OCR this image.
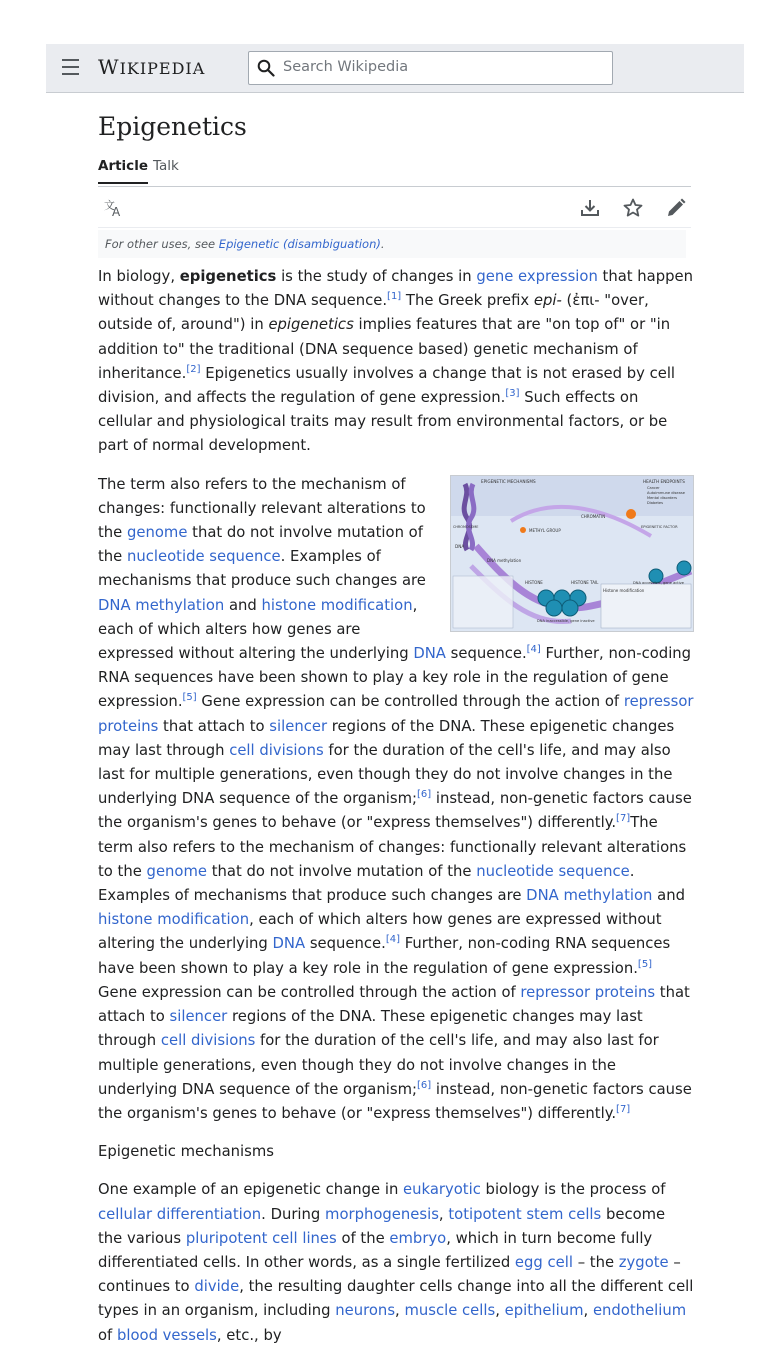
WIKIPEDIA
Search Wikipedia
Epigenetics
Article Talk
文
A
For other uses, see Epigenetic (disambiguation).

In biology, epigenetics is the study of changes in gene expression that happen without changes to the DNA sequence.[1] The Greek prefix epi- (ἐπι- "over, outside of, around") in epigenetics implies features that are "on top of" or "in addition to" the traditional (DNA sequence based) genetic mechanism of inheritance.[2] Epigenetics usually involves a change that is not erased by cell division, and affects the regulation of gene expression.[3] Such effects on cellular and physiological traits may result from environmental factors, or be part of normal development.

EPIGENETIC MECHANISMS	HEALTH ENDPOINTS
CHROMATIN
METHYL GROUP
DNA methylation
HISTONE TAIL
HISTONE
Histone modification
DNA accessible, gene active
DNA inaccessible, gene inactive
EPIGENETIC FACTOR
DNA
CHROMOSOME
Cancer
Autoimmune disease
Mental disorders
Diabetes
The term also refers to the mechanism of changes: functionally relevant alterations to the genome that do not involve mutation of the nucleotide sequence. Examples of mechanisms that produce such changes are DNA methylation and histone modification, each of which alters how genes are expressed without altering the underlying DNA sequence.[4] Further, non-coding RNA sequences have been shown to play a key role in the regulation of gene expression.[5] Gene expression can be controlled through the action of repressor proteins that attach to silencer regions of the DNA. These epigenetic changes may last through cell divisions for the duration of the cell's life, and may also last for multiple generations, even though they do not involve changes in the underlying DNA sequence of the organism;[6] instead, non-genetic factors cause the organism's genes to behave (or "express themselves") differently.[7]The term also refers to the mechanism of changes: functionally relevant alterations to the genome that do not involve mutation of the nucleotide sequence. Examples of mechanisms that produce such changes are DNA methylation and histone modification, each of which alters how genes are expressed without altering the underlying DNA sequence.[4] Further, non-coding RNA sequences have been shown to play a key role in the regulation of gene expression.[5] Gene expression can be controlled through the action of repressor proteins that attach to silencer regions of the DNA. These epigenetic changes may last through cell divisions for the duration of the cell's life, and may also last for multiple generations, even though they do not involve changes in the underlying DNA sequence of the organism;[6] instead, non-genetic factors cause the organism's genes to behave (or "express themselves") differently.[7]

Epigenetic mechanisms

One example of an epigenetic change in eukaryotic biology is the process of cellular differentiation. During morphogenesis, totipotent stem cells become the various pluripotent cell lines of the embryo, which in turn become fully differentiated cells. In other words, as a single fertilized egg cell – the zygote – continues to divide, the resulting daughter cells change into all the different cell types in an organism, including neurons, muscle cells, epithelium, endothelium of blood vessels, etc., by
